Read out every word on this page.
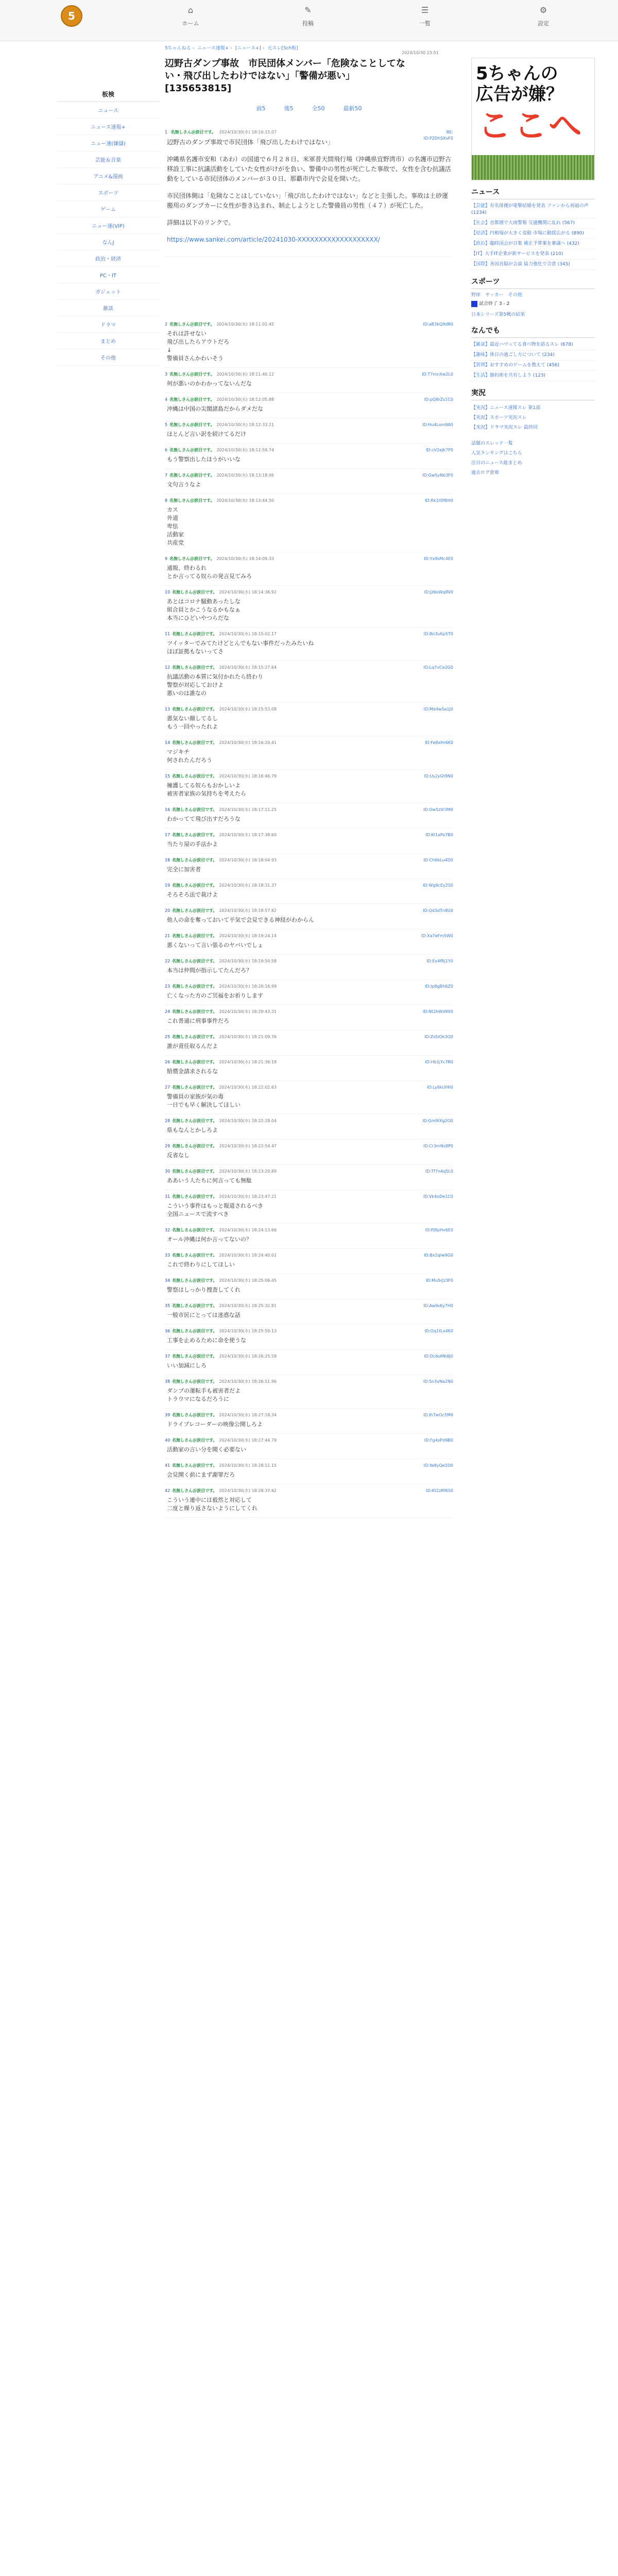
5	⌂
ホーム
✎
投稿
☰
一覧
⚙
設定
5ちゃんねる › ニュース速報+ › [ニュース+] › 元スレ[5ch板]
2024/10/30 23:51
板検
ニュース
ニュース速報+
ニュー速(嫌儲)
芸能＆音楽
アニメ&漫画
スポーツ
ゲーム
ニュー速(VIP)
なんJ
政治・経済
PC・IT
ガジェット
雑談
ドラマ
まとめ
その他
辺野古ダンプ事故　市民団体メンバー「危険なことしてな
い・飛び出したわけではない」「警備が悪い」
[135653815]
前5	後5	全50	最新50
1 名無しさん＠涙目です。 2024/10/30(水) 18:10:15.07	BE:
ID:P2DhSXvF0

辺野古のダンプ事故で市民団体「飛び出したわけではない」

沖縄県名護市安和（あわ）の国道で６月２８日、米軍普天間飛行場（沖縄県宜野湾市）の名護市辺野古移設工事に抗議活動をしていた女性がけがを負い、警備中の男性が死亡した事故で、女性を含む抗議活動をしている市民団体のメンバーが３０日、那覇市内で会見を開いた。

市民団体側は「危険なことはしていない」「飛び出したわけではない」などと主張した。事故は土砂運搬用のダンプカーに女性が巻き込まれ、制止しようとした警備員の男性（４７）が死亡した。

詳細は以下のリンクで。

https://www.sankei.com/article/20241030-XXXXXXXXXXXXXXXXXXX/

2 名無しさん＠涙目です。 2024/10/30(水) 18:11:02.45	ID:aB3kQ9dR0
それは許せない
飛び出したらアウトだろ
↓
警備員さんかわいそう
3 名無しさん＠涙目です。 2024/10/30(水) 18:11:40.12	ID:T7mnXw2L0
何が悪いのかわかってないんだな
4 名無しさん＠涙目です。 2024/10/30(水) 18:12:05.88	ID:pQ8rZs1C0
沖縄は中国の尖閣諸島だからダメだな
5 名無しさん＠涙目です。 2024/10/30(水) 18:12:33.21	ID:Hu4Lxm9A0
ほとんど言い訳を続けてるだけ
6 名無しさん＠涙目です。 2024/10/30(水) 18:12:59.74	ID:cV2eJk7P0
もう警察出したほうがいいな
7 名無しさん＠涙目です。 2024/10/30(水) 18:13:18.06	ID:Gw5yNb3F0
文句言うなよ
8 名無しさん＠涙目です。 2024/10/30(水) 18:13:44.50	ID:Rk1tDf6H0
カス
外道
卑怯
活動家
共産党
9 名無しさん＠涙目です。 2024/10/30(水) 18:14:09.33	ID:Yx9sMc4E0
通報、終わるれ
とか言ってる奴らの発言見てみろ
10 名無しさん＠涙目です。 2024/10/30(水) 18:14:36.92	ID:Jz6oWq8V0
あとはコロナ騒動あったしな
組合員とかこうなるかもなぁ
本当にひどいやつらだな
11 名無しさん＠涙目です。 2024/10/30(水) 18:15:02.17	ID:Bn3uKp5T0
ツイッターでみてたけどとんでもない事件だったみたいね
ほぼ証拠もないってさ
12 名無しさん＠涙目です。 2024/10/30(水) 18:15:27.64	ID:Lq7vCe2G0
抗議活動の本質に気付かれたら終わり
警察が対応しておけよ
悪いのは誰なの
13 名無しさん＠涙目です。 2024/10/30(水) 18:15:53.08	ID:Md4wSa1J0
悪気ない顔してるし
もう一回やったれよ
14 名無しさん＠涙目です。 2024/10/30(水) 18:16:20.41	ID:Fe8xHr6K0
マジキチ
何されたんだろう
15 名無しさん＠涙目です。 2024/10/30(水) 18:16:46.79	ID:Us2yGt9N0
擁護してる奴らもおかしいよ
被害者家族の気持ちを考えたら
16 名無しさん＠涙目です。 2024/10/30(水) 18:17:11.25	ID:Ow5zVi3M0
わかってて飛び出すだろうな
17 名無しさん＠涙目です。 2024/10/30(水) 18:17:38.60	ID:Ki1aPo7B0
当たり屋の手法かよ
18 名無しさん＠涙目です。 2024/10/30(水) 18:18:04.93	ID:Ch6bLu4D0
完全に加害者
19 名無しさん＠涙目です。 2024/10/30(水) 18:18:31.37	ID:Wg9cEy2S0
そろそろ法で裁けよ
20 名無しさん＠涙目です。 2024/10/30(水) 18:18:57.82	ID:Qd3dTn8U0
他人の命を奪っておいて平気で会見できる神経がわからん
21 名無しさん＠涙目です。 2024/10/30(水) 18:19:24.14	ID:Xa7eFm5W0
悪くないって言い張るのヤバいでしょ
22 名無しさん＠涙目です。 2024/10/30(水) 18:19:50.58	ID:Ev4fRj1Y0
本当は仲間が指示してたんだろ？
23 名無しさん＠涙目です。 2024/10/30(水) 18:20:16.99	ID:Ip8gBh6Z0
亡くなった方のご冥福をお祈りします
24 名無しさん＠涙目です。 2024/10/30(水) 18:20:43.31	ID:Nt2hWd9X0
これ普通に刑事事件だろ
25 名無しさん＠涙目です。 2024/10/30(水) 18:21:09.76	ID:Zs5iOk3Q0
誰が責任取るんだよ
26 名無しさん＠涙目です。 2024/10/30(水) 18:21:36.18	ID:Hb1jYc7R0
賠償金請求されるな
27 名無しさん＠涙目です。 2024/10/30(水) 18:22:02.63	ID:Ly6kUf4I0
警備員の家族が気の毒
一日でも早く解決してほしい
28 名無しさん＠涙目です。 2024/10/30(水) 18:22:28.04	ID:Gm9lXg2O0
県もなんとかしろよ
29 名無しさん＠涙目です。 2024/10/30(水) 18:22:54.47	ID:Cr3mNs8P0
反省なし
30 名無しさん＠涙目です。 2024/10/30(水) 18:23:20.89	ID:Tf7nAq5L0
ああいう人たちに何言っても無駄
31 名無しさん＠涙目です。 2024/10/30(水) 18:23:47.21	ID:Vk4oDe1C0
こういう事件はもっと報道されるべき
全国ニュースで流すべき
32 名無しさん＠涙目です。 2024/10/30(水) 18:24:13.66	ID:Pj8pHv6E0
オール沖縄は何か言ってないの？
33 名無しさん＠涙目です。 2024/10/30(水) 18:24:40.02	ID:Bx2qIw9G0
これで終わりにしてほしい
34 名無しさん＠涙目です。 2024/10/30(水) 18:25:06.45	ID:Mu5rJz3F0
警察はしっかり捜査してくれ
35 名無しさん＠涙目です。 2024/10/30(水) 18:25:32.81	ID:Aw9sKy7H0
一般市民にとっては迷惑な話
36 名無しさん＠涙目です。 2024/10/30(水) 18:25:59.13	ID:Oq1tLx4K0
工事を止めるために命を使うな
37 名無しさん＠涙目です。 2024/10/30(水) 18:26:25.58	ID:Dc6uMb8J0
いい加減にしろ
38 名無しさん＠涙目です。 2024/10/30(水) 18:26:51.96	ID:Sn3vNa2N0
ダンプの運転手も被害者だよ
トラウマになるだろうに
39 名無しさん＠涙目です。 2024/10/30(水) 18:27:18.34	ID:Ih7wOc5M0
ドライブレコーダーの映像公開しろよ
40 名無しさん＠涙目です。 2024/10/30(水) 18:27:44.79	ID:Fg4xPd9B0
活動家の言い分を聞く必要ない
41 名無しさん＠涙目です。 2024/10/30(水) 18:28:11.15	ID:Ye8yQe1D0
会見開く前にまず謝罪だろ
42 名無しさん＠涙目です。 2024/10/30(水) 18:28:37.62	ID:Kt2zRf6S0
こういう連中には毅然と対応して
二度と繰り返さないようにしてくれ
5ちゃんの
広告が嫌？
ここへ
ニュース
【芸能】有名俳優が電撃結婚を発表 ファンから祝福の声 (1234)
【社会】首都圏で大雨警報 交通機関に乱れ (567)
【経済】円相場が大きく変動 市場に動揺広がる (890)
【政治】臨時国会が召集 補正予算案を審議へ (432)
【IT】大手IT企業が新サービスを発表 (210)
【国際】各国首脳が会談 協力強化で合意 (345)
スポーツ
野球　サッカー　その他
試合終了 3 - 2
日本シリーズ第5戦の結果
なんでも
【雑談】最近ハマってる食べ物を語るスレ (678)
【趣味】休日の過ごし方について (234)
【質問】おすすめのゲームを教えて (456)
【生活】節約術を共有しよう (123)
実況
【実況】ニュース速報スレ 第1部
【実況】スポーツ実況スレ
【実況】ドラマ実況スレ 最終回
話題のスレッド一覧
人気ランキングはこちら
注目のニュース総まとめ
過去ログ倉庫
